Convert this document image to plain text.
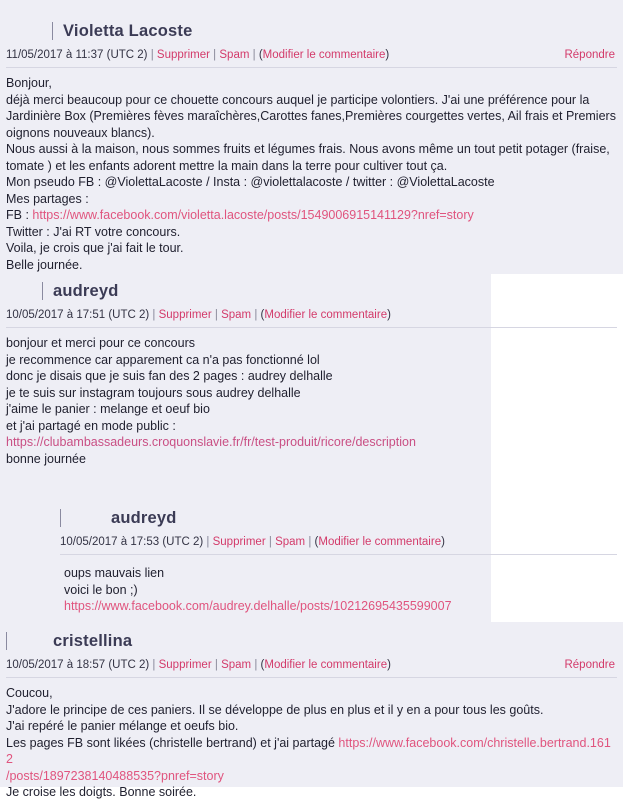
Violetta Lacoste
11/05/2017 à 11:37 (UTC 2) | Supprimer | Spam | (Modifier le commentaire)	Répondre
Bonjour,
déjà merci beaucoup pour ce chouette concours auquel je participe volontiers. J'ai une préférence pour la
Jardinière Box (Premières fèves maraîchères,Carottes fanes,Premières courgettes vertes, Ail frais et Premiers
oignons nouveaux blancs).
Nous aussi à la maison, nous sommes fruits et légumes frais. Nous avons même un tout petit potager (fraise,
tomate ) et les enfants adorent mettre la main dans la terre pour cultiver tout ça.
Mon pseudo FB : @ViolettaLacoste / Insta : @violettalacoste / twitter : @ViolettaLacoste
Mes partages :
FB : https://www.facebook.com/violetta.lacoste/posts/1549006915141129?nref=story
Twitter : J'ai RT votre concours.
Voila, je crois que j'ai fait le tour.
Belle journée.
audreyd
10/05/2017 à 17:51 (UTC 2) | Supprimer | Spam | (Modifier le commentaire)
bonjour et merci pour ce concours
je recommence car apparement ca n'a pas fonctionné lol
donc je disais que je suis fan des 2 pages : audrey delhalle
je te suis sur instagram toujours sous audrey delhalle
j'aime le panier : melange et oeuf bio
et j'ai partagé en mode public :
https://clubambassadeurs.croquonslavie.fr/fr/test-produit/ricore/description
bonne journée
audreyd
10/05/2017 à 17:53 (UTC 2) | Supprimer | Spam | (Modifier le commentaire)
oups mauvais lien
voici le bon ;)
https://www.facebook.com/audrey.delhalle/posts/10212695435599007
cristellina
10/05/2017 à 18:57 (UTC 2) | Supprimer | Spam | (Modifier le commentaire)	Répondre
Coucou,
J'adore le principe de ces paniers. Il se développe de plus en plus et il y en a pour tous les goûts.
J'ai repéré le panier mélange et oeufs bio.
Les pages FB sont likées (christelle bertrand) et j'ai partagé https://www.facebook.com/christelle.bertrand.1612
/posts/1897238140488535?pnref=story
Je croise les doigts. Bonne soirée.
